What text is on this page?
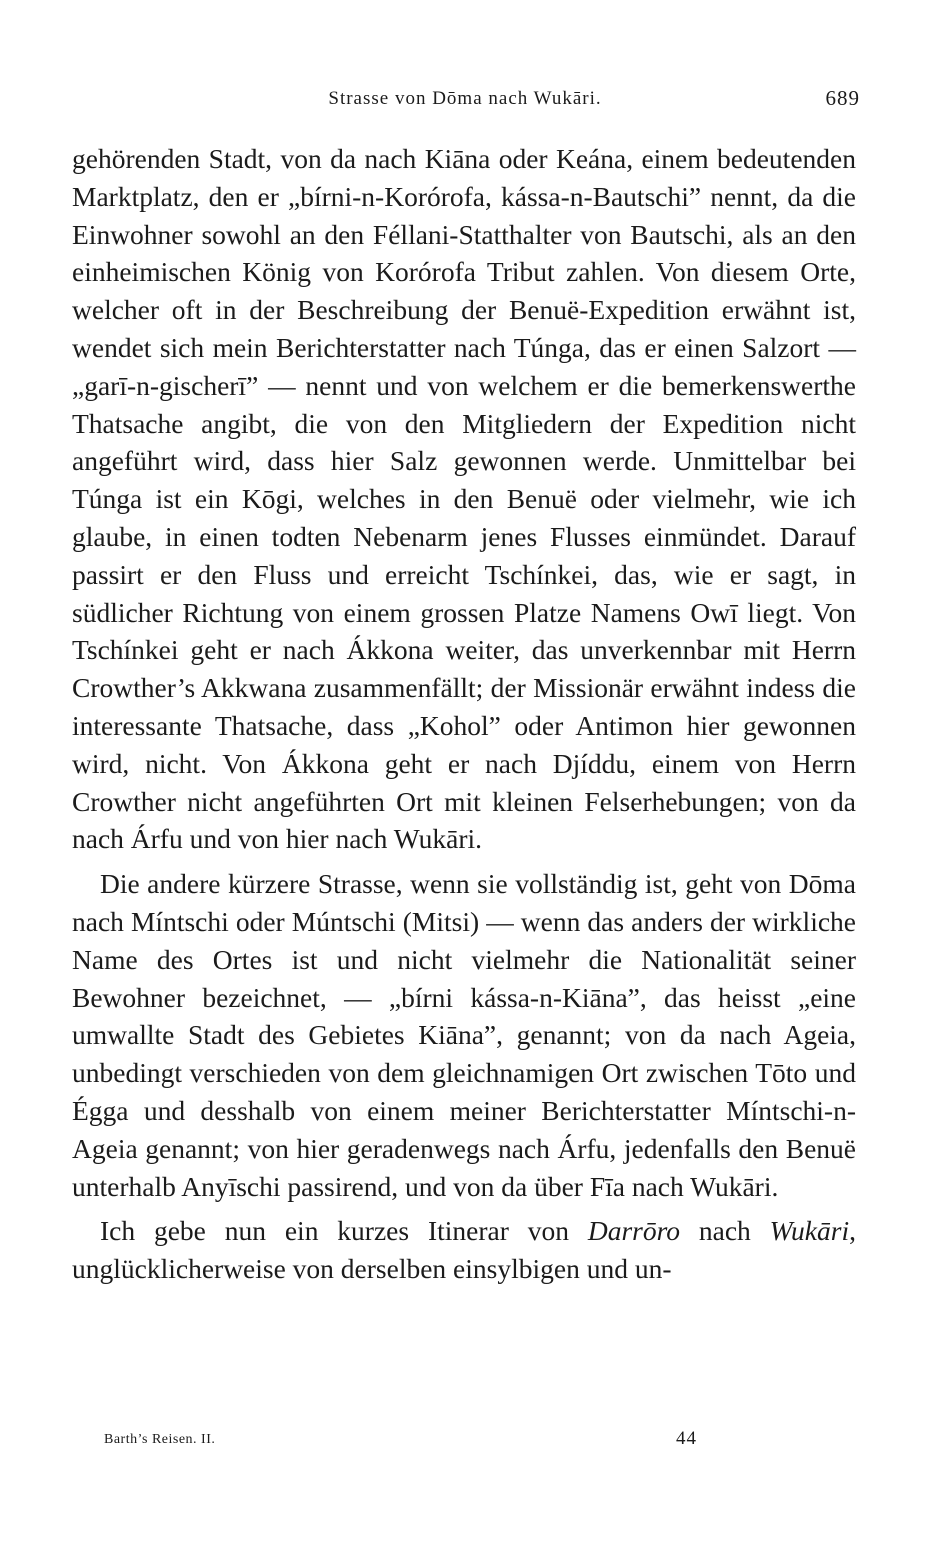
Strasse von Dōma nach Wukāri.	689

gehörenden Stadt, von da nach Kiāna oder Keána, einem bedeutenden Marktplatz, den er „bírni-n-Korórofa, kássa-n-Bautschi” nennt, da die Einwohner sowohl an den Féllani-Statthalter von Bautschi, als an den einheimischen König von Korórofa Tribut zahlen. Von diesem Orte, welcher oft in der Beschreibung der Benuë-Expedition erwähnt ist, wendet sich mein Berichterstatter nach Túnga, das er einen Salzort — „garī-n-gischerī” — nennt und von welchem er die bemerkenswerthe Thatsache angibt, die von den Mitgliedern der Expedition nicht angeführt wird, dass hier Salz gewonnen werde. Unmittelbar bei Túnga ist ein Kōgi, welches in den Benuë oder vielmehr, wie ich glaube, in einen todten Nebenarm jenes Flusses einmündet. Darauf passirt er den Fluss und erreicht Tschínkei, das, wie er sagt, in südlicher Richtung von einem grossen Platze Namens Owī liegt. Von Tschínkei geht er nach Ákkona weiter, das unverkennbar mit Herrn Crowther’s Akkwana zusammenfällt; der Missionär erwähnt indess die interessante Thatsache, dass „Kohol” oder Antimon hier gewonnen wird, nicht. Von Ákkona geht er nach Djíddu, einem von Herrn Crowther nicht angeführten Ort mit kleinen Felserhebungen; von da nach Árfu und von hier nach Wukāri.

Die andere kürzere Strasse, wenn sie vollständig ist, geht von Dōma nach Míntschi oder Múntschi (Mitsi) — wenn das anders der wirkliche Name des Ortes ist und nicht vielmehr die Nationalität seiner Bewohner bezeichnet, — „bírni kássa-n-Kiāna”, das heisst „eine umwallte Stadt des Gebietes Kiāna”, genannt; von da nach Ageia, unbedingt verschieden von dem gleichnamigen Ort zwischen Tōto und Égga und desshalb von einem meiner Berichterstatter Míntschi-n-Ageia genannt; von hier geradenwegs nach Árfu, jedenfalls den Benuë unterhalb Anyīschi passirend, und von da über Fīa nach Wukāri.

Ich gebe nun ein kurzes Itinerar von Darrōro nach Wukāri, unglücklicherweise von derselben einsylbigen und un-

Barth’s Reisen. II.	44
